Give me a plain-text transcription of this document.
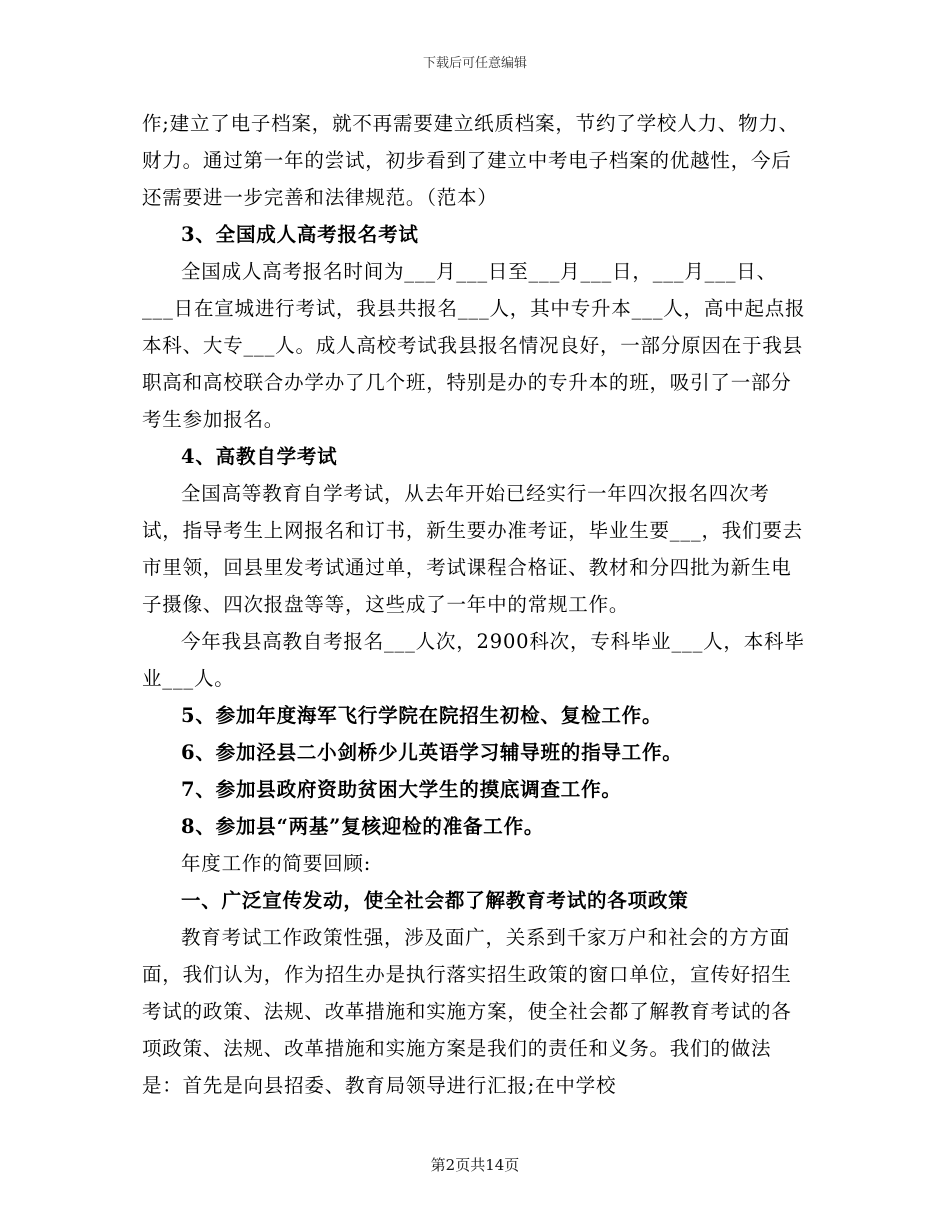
下载后可任意编辑

作;建立了电子档案，就不再需要建立纸质档案，节约了学校人力、物力、财力。通过第一年的尝试，初步看到了建立中考电子档案的优越性，今后还需要进一步完善和法律规范。（范本）

3、全国成人高考报名考试

全国成人高考报名时间为___月___日至___月___日，___月___日、___日在宣城进行考试，我县共报名___人，其中专升本___人，高中起点报本科、大专___人。成人高校考试我县报名情况良好，一部分原因在于我县职高和高校联合办学办了几个班，特别是办的专升本的班，吸引了一部分考生参加报名。

4、高教自学考试

全国高等教育自学考试，从去年开始已经实行一年四次报名四次考试，指导考生上网报名和订书，新生要办准考证，毕业生要___，我们要去市里领，回县里发考试通过单，考试课程合格证、教材和分四批为新生电子摄像、四次报盘等等，这些成了一年中的常规工作。

今年我县高教自考报名___人次，2900科次，专科毕业___人，本科毕业___人。

5、参加年度海军飞行学院在院招生初检、复检工作。

6、参加泾县二小剑桥少儿英语学习辅导班的指导工作。

7、参加县政府资助贫困大学生的摸底调查工作。

8、参加县“两基”复核迎检的准备工作。

年度工作的简要回顾:

一、广泛宣传发动，使全社会都了解教育考试的各项政策

教育考试工作政策性强，涉及面广，关系到千家万户和社会的方方面面，我们认为，作为招生办是执行落实招生政策的窗口单位，宣传好招生考试的政策、法规、改革措施和实施方案，使全社会都了解教育考试的各项政策、法规、改革措施和实施方案是我们的责任和义务。我们的做法是：首先是向县招委、教育局领导进行汇报;在中学校

第2页共14页
